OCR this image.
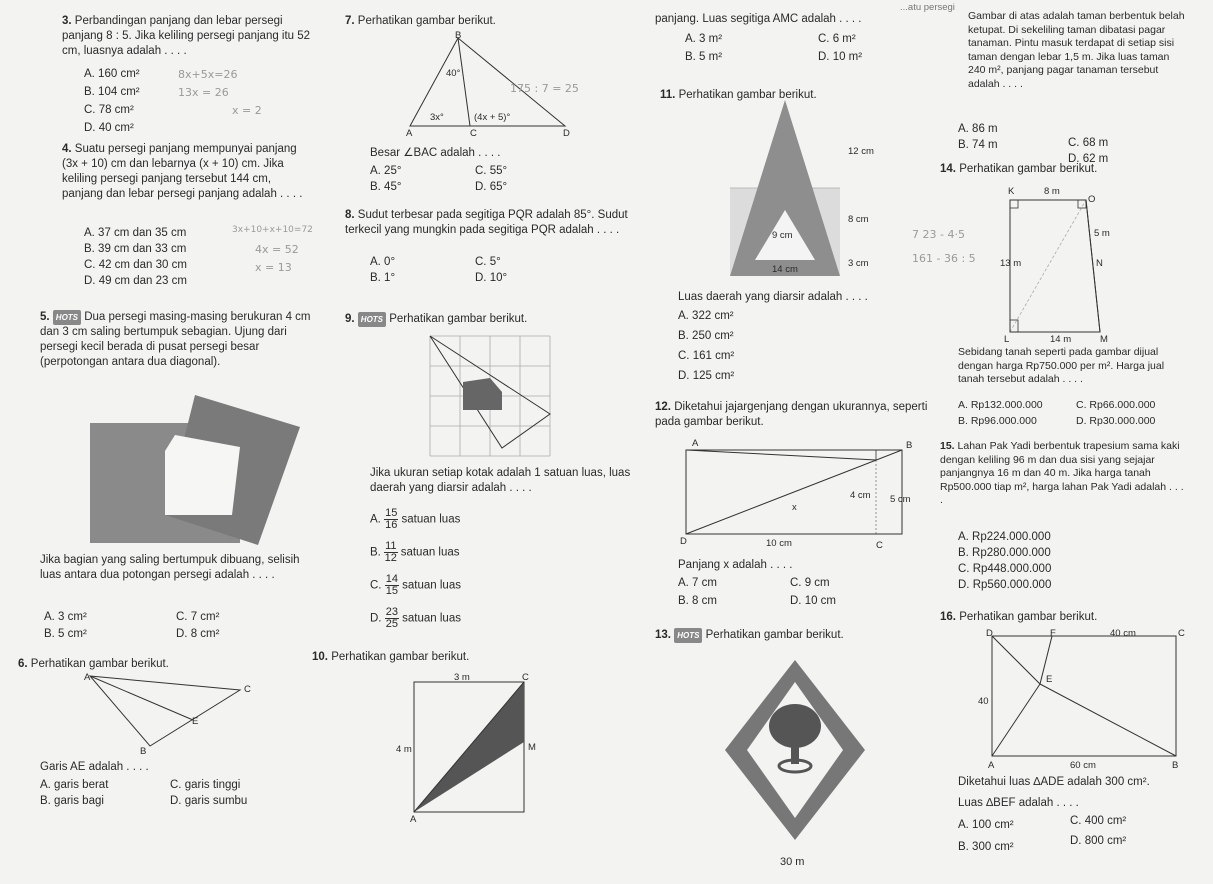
3. Perbandingan panjang dan lebar persegi panjang 8 : 5. Jika keliling persegi panjang itu 52 cm, luasnya adalah . . . .
A. 160 cm²
B. 104 cm²
C. 78 cm²
D. 40 cm²
8x+5x=26
13x = 26
x = 2
4. Suatu persegi panjang mempunyai panjang (3x + 10) cm dan lebarnya (x + 10) cm. Jika keliling persegi panjang tersebut 144 cm, panjang dan lebar persegi panjang adalah . . . .
A. 37 cm dan 35 cm
B. 39 cm dan 33 cm
C. 42 cm dan 30 cm
D. 49 cm dan 23 cm
3x+10+x+10=72
4x = 52
x = 13
5. HOTS Dua persegi masing-masing berukuran 4 cm dan 3 cm saling bertumpuk sebagian. Ujung dari persegi kecil berada di pusat persegi besar (perpotongan antara dua diagonal).
Jika bagian yang saling bertumpuk dibuang, selisih luas antara dua potongan persegi adalah . . . .
A. 3 cm²
B. 5 cm²
C. 7 cm²
D. 8 cm²
6. Perhatikan gambar berikut.
A
C
E
B
Garis AE adalah . . . .
A. garis berat
B. garis bagi
C. garis tinggi
D. garis sumbu
7. Perhatikan gambar berikut.
B
40°
3x°	(4x + 5)°
A	C	D
175 : 7 = 25
Besar ∠BAC adalah . . . .
A. 25°
B. 45°
C. 55°
D. 65°
8. Sudut terbesar pada segitiga PQR adalah 85°. Sudut terkecil yang mungkin pada segitiga PQR adalah . . . .
A. 0°
B. 1°
C. 5°
D. 10°
9. HOTS Perhatikan gambar berikut.
Jika ukuran setiap kotak adalah 1 satuan luas, luas daerah yang diarsir adalah . . . .
A. $\frac{15}{16}$ satuan luas
B. $\frac{11}{12}$ satuan luas
C. $\frac{14}{15}$ satuan luas
D. $\frac{23}{25}$ satuan luas
10. Perhatikan gambar berikut.
3 m	C
4 m	M
A
...atu persegi
panjang. Luas segitiga AMC adalah . . . .
A. 3 m²
B. 5 m²
C. 6 m²
D. 10 m²
11. Perhatikan gambar berikut.
12 cm
8 cm
9 cm
3 cm
14 cm
Luas daerah yang diarsir adalah . . . .
A. 322 cm²
B. 250 cm²
C. 161 cm²
D. 125 cm²
12. Diketahui jajargenjang dengan ukurannya, seperti pada gambar berikut.
A	B
4 cm 5 cm
x
D	10 cm	C
Panjang x adalah . . . .
A. 7 cm
B. 8 cm
C. 9 cm
D. 10 cm
13. HOTS Perhatikan gambar berikut.
30 m
Gambar di atas adalah taman berbentuk belah ketupat. Di sekeliling taman dibatasi pagar tanaman. Pintu masuk terdapat di setiap sisi taman dengan lebar 1,5 m. Jika luas taman 240 m², panjang pagar tanaman tersebut adalah . . . .
A. 86 m
B. 74 m	C. 68 m
D. 62 m
14. Perhatikan gambar berikut.
K	8 m
O
5 m
13 m	N
L	14 m	M
7 23 - 4·5
161 - 36 : 5
Sebidang tanah seperti pada gambar dijual dengan harga Rp750.000 per m². Harga jual tanah tersebut adalah . . . .
A. Rp132.000.000
B. Rp96.000.000
C. Rp66.000.000
D. Rp30.000.000
15. Lahan Pak Yadi berbentuk trapesium sama kaki dengan keliling 96 m dan dua sisi yang sejajar panjangnya 16 m dan 40 m. Jika harga tanah Rp500.000 tiap m², harga lahan Pak Yadi adalah . . . .
A. Rp224.000.000
B. Rp280.000.000
C. Rp448.000.000
D. Rp560.000.000
16. Perhatikan gambar berikut.
D	F	40 cm	C
E
40
A	60 cm	B
Diketahui luas ∆ADE adalah 300 cm².
Luas ∆BEF adalah . . . .
A. 100 cm²
B. 300 cm²
C. 400 cm²
D. 800 cm²
